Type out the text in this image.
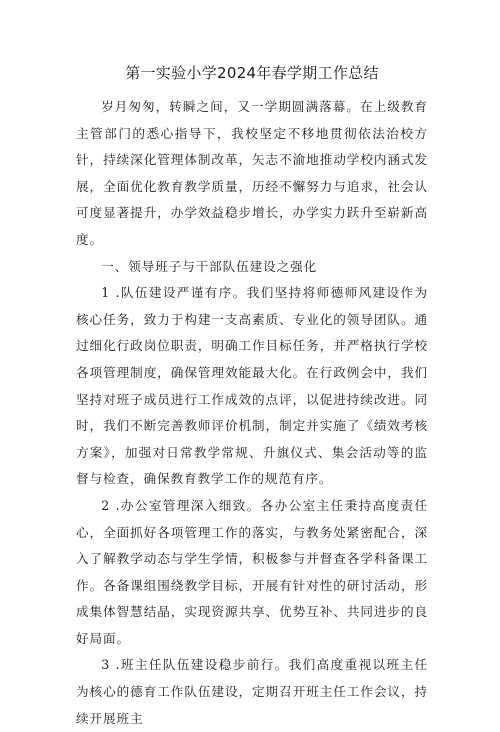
第一实验小学2024年春学期工作总结

岁月匆匆，转瞬之间，又一学期圆满落幕。在上级教育主管部门的悉心指导下，我校坚定不移地贯彻依法治校方针，持续深化管理体制改革，矢志不渝地推动学校内涵式发展，全面优化教育教学质量，历经不懈努力与追求，社会认可度显著提升，办学效益稳步增长，办学实力跃升至崭新高度。

一、领导班子与干部队伍建设之强化

1 .队伍建设严谨有序。我们坚持将师德师风建设作为核心任务，致力于构建一支高素质、专业化的领导团队。通过细化行政岗位职责，明确工作目标任务，并严格执行学校各项管理制度，确保管理效能最大化。在行政例会中，我们坚持对班子成员进行工作成效的点评，以促进持续改进。同时，我们不断完善教师评价机制，制定并实施了《绩效考核方案》，加强对日常教学常规、升旗仪式、集会活动等的监督与检查，确保教育教学工作的规范有序。

2 .办公室管理深入细致。各办公室主任秉持高度责任心，全面抓好各项管理工作的落实，与教务处紧密配合，深入了解教学动态与学生学情，积极参与并督查各学科备课工作。各备课组围绕教学目标，开展有针对性的研讨活动，形成集体智慧结晶，实现资源共享、优势互补、共同进步的良好局面。

3 .班主任队伍建设稳步前行。我们高度重视以班主任为核心的德育工作队伍建设，定期召开班主任工作会议，持续开展班主
